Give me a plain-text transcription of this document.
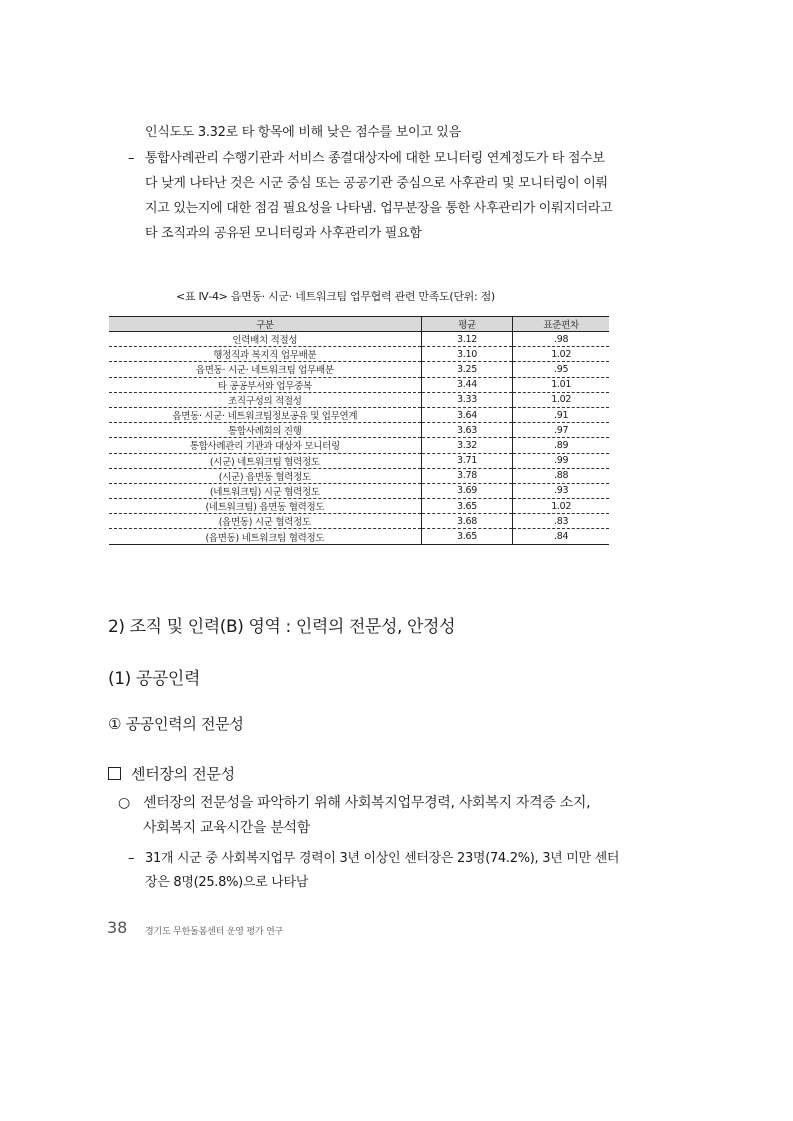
인식도도 3.32로 타 항목에 비해 낮은 점수를 보이고 있음
– 통합사례관리 수행기관과 서비스 종결대상자에 대한 모니터링 연계정도가 타 점수보
다 낮게 나타난 것은 시군 중심 또는 공공기관 중심으로 사후관리 및 모니터링이 이뤄
지고 있는지에 대한 점검 필요성을 나타냄. 업무분장을 통한 사후관리가 이뤄지더라고
타 조직과의 공유된 모니터링과 사후관리가 필요함
<표 Ⅳ-4> 읍면동· 시군· 네트워크팀 업무협력 관련 만족도(단위: 점)
구분	평균	표준편차
인력배치 적절성	3.12	.98
행정직과 복지직 업무배분	3.10	1.02
읍면동· 시군· 네트워크팀 업무배분	3.25	.95
타 공공부서와 업무중복	3.44	1.01
조직구성의 적절성	3.33	1.02
읍면동· 시군· 네트워크팀정보공유 및 업무연계	3.64	.91
통합사례회의 진행	3.63	.97
통합사례관리 기관과 대상자 모니터링	3.32	.89
(시군) 네트워크팀 협력정도	3.71	.99
(시군) 읍면동 협력정도	3.78	.88
(네트워크팀) 시군 협력정도	3.69	.93
(네트워크팀) 읍면동 협력정도	3.65	1.02
(읍면동) 시군 협력정도	3.68	.83
(읍면동) 네트워크팀 협력정도	3.65	.84
2) 조직 및 인력(B) 영역 : 인력의 전문성, 안정성
(1) 공공인력
① 공공인력의 전문성
센터장의 전문성
○ 센터장의 전문성을 파악하기 위해 사회복지업무경력, 사회복지 자격증 소지,
사회복지 교육시간을 분석함
– 31개 시군 중 사회복지업무 경력이 3년 이상인 센터장은 23명(74.2%), 3년 미만 센터
장은 8명(25.8%)으로 나타남
38 경기도 무한돌봄센터 운영 평가 연구
